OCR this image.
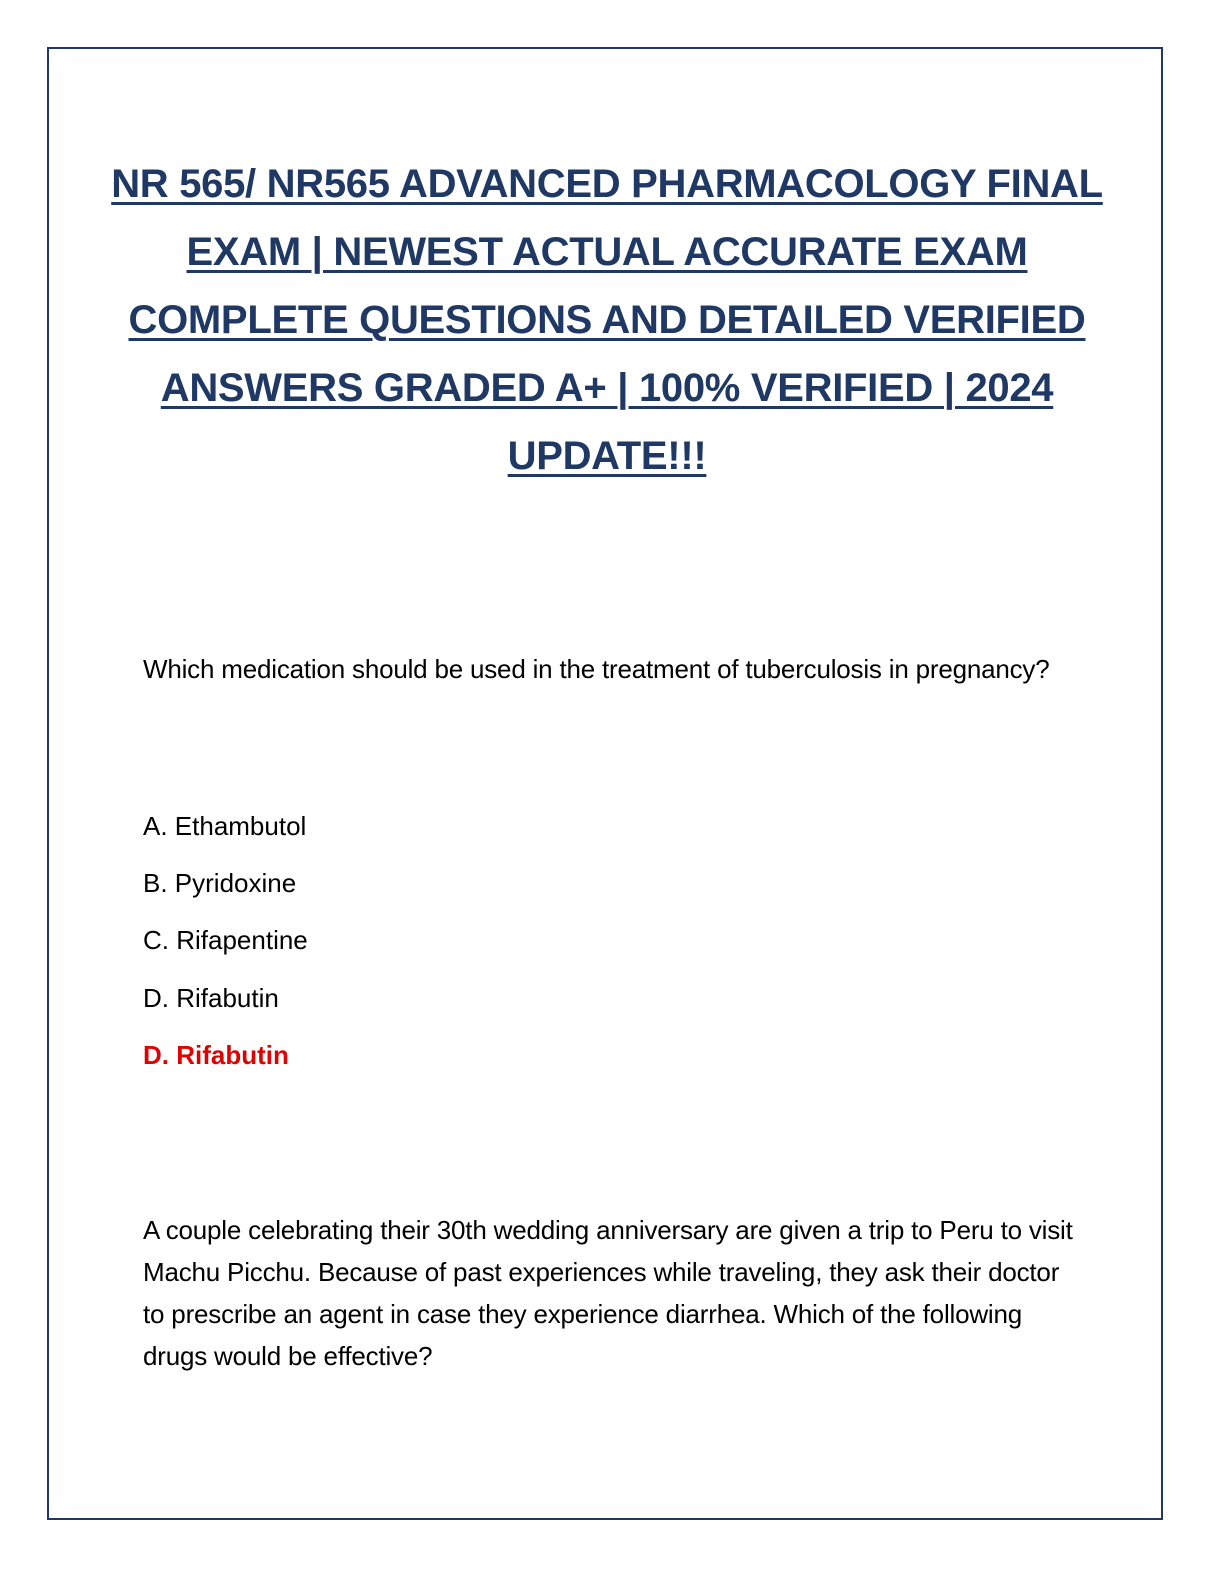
NR 565/ NR565 ADVANCED PHARMACOLOGY FINAL EXAM | NEWEST ACTUAL ACCURATE EXAM COMPLETE QUESTIONS AND DETAILED VERIFIED ANSWERS GRADED A+ | 100% VERIFIED | 2024 UPDATE!!!

Which medication should be used in the treatment of tuberculosis in pregnancy?

A. Ethambutol

B. Pyridoxine

C. Rifapentine

D. Rifabutin

D. Rifabutin

A couple celebrating their 30th wedding anniversary are given a trip to Peru to visit Machu Picchu. Because of past experiences while traveling, they ask their doctor to prescribe an agent in case they experience diarrhea. Which of the following drugs would be effective?
